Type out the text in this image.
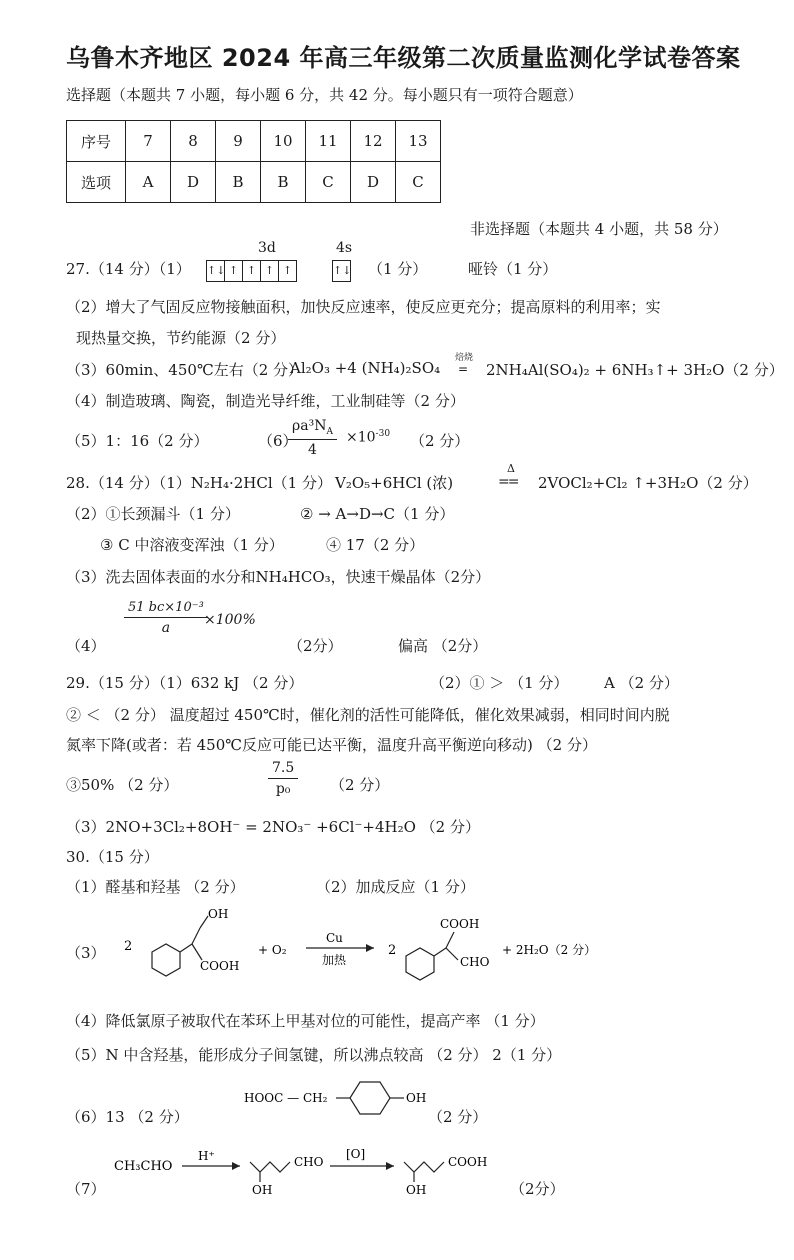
乌鲁木齐地区 2024 年高三年级第二次质量监测化学试卷答案
选择题（本题共 7 小题，每小题 6 分，共 42 分。每小题只有一项符合题意）
序号	7	8	9	10	11	12	13
选项	A	D	B	B	C	D	C
非选择题（本题共 4 小题，共 58 分）
27.（14 分）（1）
3d	4s
↑↓ ↑ ↑ ↑ ↑	↑↓ （1 分）	哑铃（1 分）
（2）增大了气固反应物接触面积，加快反应速率，使反应更充分；提高原料的利用率；实
现热量交换，节约能源（2 分）
（3）60min、450℃左右（2 分）
Al₂O₃ +4 (NH₄)₂SO₄
焙烧
= 2NH₄Al(SO₄)₂ + 6NH₃↑+ 3H₂O（2 分）
（4）制造玻璃、陶瓷，制造光导纤维，工业制硅等（2 分）
（5）1：16（2 分）	（6）
$\frac{\rho a^3N_A}{4} \times 10^{-30}$ （2 分）
28.（14 分）（1）N₂H₄·2HCl（1 分） V₂O₅+6HCl (浓)
Δ
== 2VOCl₂+Cl₂ ↑+3H₂O（2 分）
（2）①长颈漏斗（1 分）	② → A→D→C（1 分）
③ C 中溶液变浑浊（1 分）	④ 17（2 分）
（3）洗去固体表面的水分和NH₄HCO₃，快速干燥晶体（2分）
（4）
$\frac{\text{51 bc×10⁻³}}{a}$
×100%
（2分）	偏高 （2分）
29.（15 分）（1）632 kJ （2 分）	（2）① ＞ （1 分） A （2 分）
② ＜ （2 分） 温度超过 450℃时，催化剂的活性可能降低，催化效果减弱，相同时间内脱
氮率下降(或者：若 450℃反应可能已达平衡，温度升高平衡逆向移动) （2 分）
③50% （2 分）	$\frac{7.5}{\text{p₀}} (2$ 分）
（3）2NO+3Cl₂+8OH⁻ = 2NO₃⁻ +6Cl⁻+4H₂O （2 分）
30.（15 分）
（1）醛基和羟基 （2 分）	（2）加成反应（1 分）
（3） 2
OH
COOH
+ O₂
Cu
加热
2
COOH
CHO
+ 2H₂O（2 分）
（4）降低氯原子被取代在苯环上甲基对位的可能性，提高产率 （1 分）
（5）N 中含羟基，能形成分子间氢键，所以沸点较高 （2 分） 2（1 分）
（6）13 （2 分）
HOOC — CH₂	OH
（2 分）
（7）
CH₃CHO
H⁺
OH
CHO
[O]
OH
COOH
（2分）
